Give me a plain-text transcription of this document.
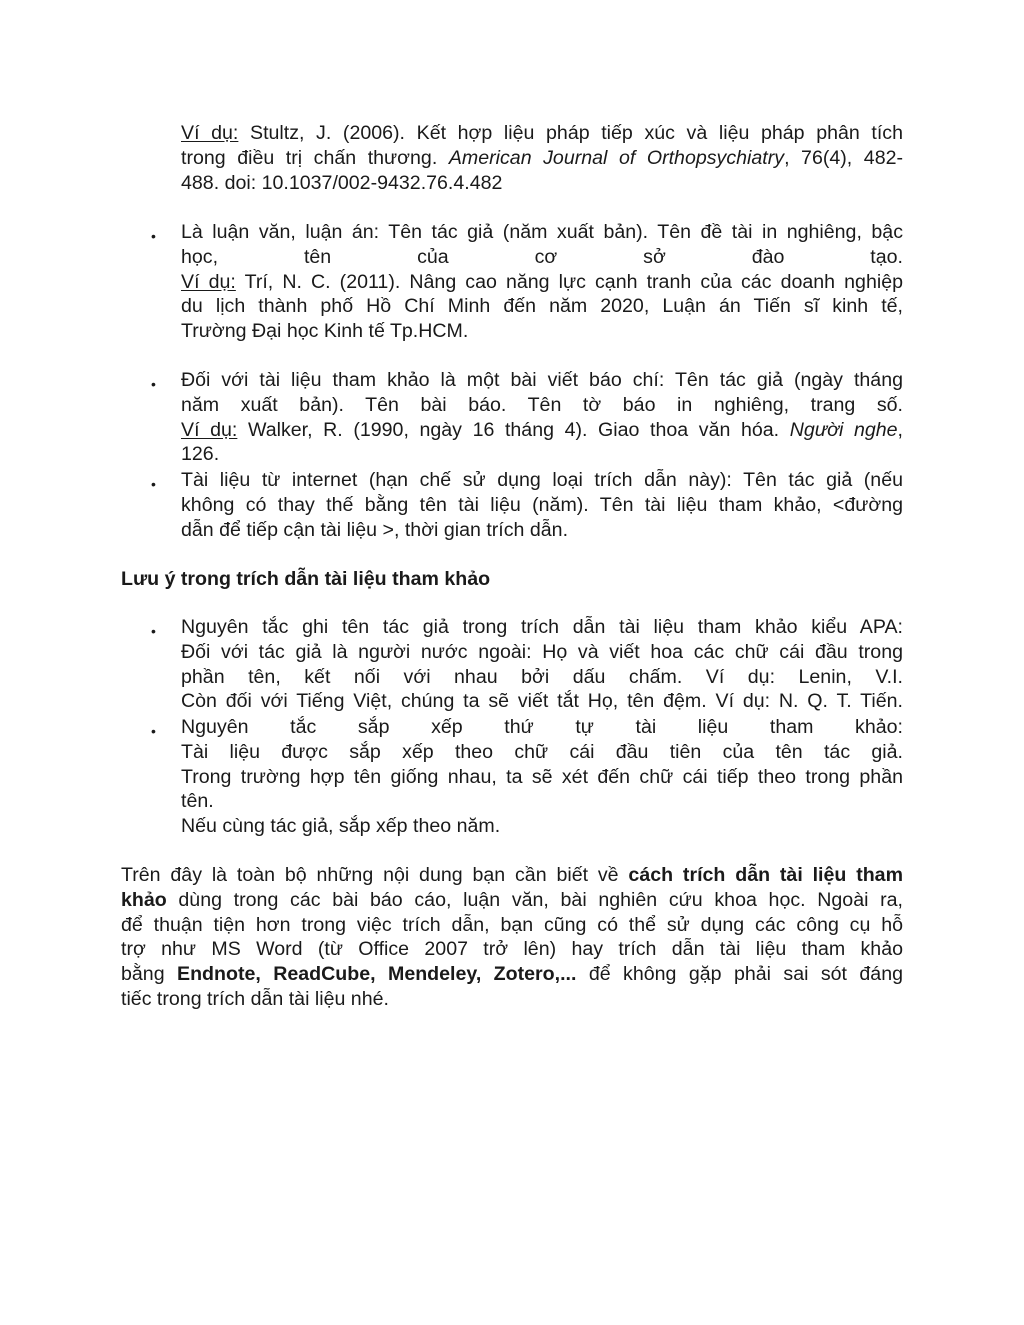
Ví dụ: Stultz, J. (2006). Kết hợp liệu pháp tiếp xúc và liệu pháp phân tích
trong điều trị chấn thương. American Journal of Orthopsychiatry, 76(4), 482-
488. doi: 10.1037/002-9432.76.4.482
• Là luận văn, luận án: Tên tác giả (năm xuất bản). Tên đề tài in nghiêng, bậc
học, tên của cơ sở đào tạo.
Ví dụ: Trí, N. C. (2011). Nâng cao năng lực cạnh tranh của các doanh nghiệp
du lịch thành phố Hồ Chí Minh đến năm 2020, Luận án Tiến sĩ kinh tế,
Trường Đại học Kinh tế Tp.HCM.
• Đối với tài liệu tham khảo là một bài viết báo chí: Tên tác giả (ngày tháng
năm xuất bản). Tên bài báo. Tên tờ báo in nghiêng, trang số.
Ví dụ: Walker, R. (1990, ngày 16 tháng 4). Giao thoa văn hóa. Người nghe,
126.
• Tài liệu từ internet (hạn chế sử dụng loại trích dẫn này): Tên tác giả (nếu
không có thay thế bằng tên tài liệu (năm). Tên tài liệu tham khảo, <đường
dẫn để tiếp cận tài liệu >, thời gian trích dẫn.
Lưu ý trong trích dẫn tài liệu tham khảo
• Nguyên tắc ghi tên tác giả trong trích dẫn tài liệu tham khảo kiểu APA:
Đối với tác giả là người nước ngoài: Họ và viết hoa các chữ cái đầu trong
phần tên, kết nối với nhau bởi dấu chấm. Ví dụ: Lenin, V.I.
Còn đối với Tiếng Việt, chúng ta sẽ viết tắt Họ, tên đệm. Ví dụ: N. Q. T. Tiến.
• Nguyên tắc sắp xếp thứ tự tài liệu tham khảo:
Tài liệu được sắp xếp theo chữ cái đầu tiên của tên tác giả.
Trong trường hợp tên giống nhau, ta sẽ xét đến chữ cái tiếp theo trong phần
tên.
Nếu cùng tác giả, sắp xếp theo năm.
Trên đây là toàn bộ những nội dung bạn cần biết về cách trích dẫn tài liệu tham
khảo dùng trong các bài báo cáo, luận văn, bài nghiên cứu khoa học. Ngoài ra,
để thuận tiện hơn trong việc trích dẫn, bạn cũng có thể sử dụng các công cụ hỗ
trợ như MS Word (từ Office 2007 trở lên) hay trích dẫn tài liệu tham khảo
bằng Endnote, ReadCube, Mendeley, Zotero,... để không gặp phải sai sót đáng
tiếc trong trích dẫn tài liệu nhé.
